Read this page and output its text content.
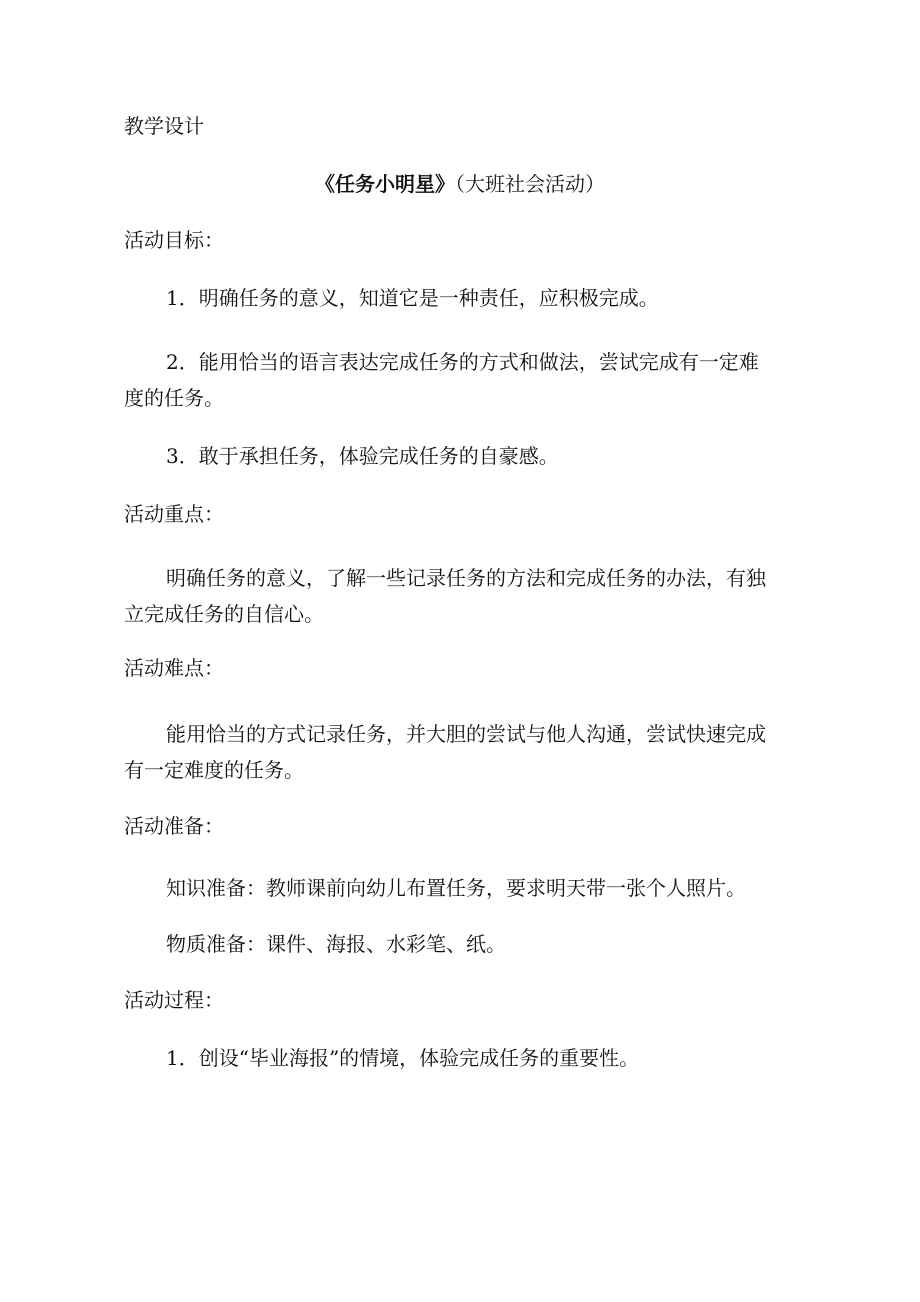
教学设计
《任务小明星》（大班社会活动）
活动目标：
1．明确任务的意义，知道它是一种责任，应积极完成。
2．能用恰当的语言表达完成任务的方式和做法，尝试完成有一定难度的任务。
3．敢于承担任务，体验完成任务的自豪感。
活动重点：
明确任务的意义，了解一些记录任务的方法和完成任务的办法，有独立完成任务的自信心。
活动难点：
能用恰当的方式记录任务，并大胆的尝试与他人沟通，尝试快速完成有一定难度的任务。
活动准备：
知识准备：教师课前向幼儿布置任务，要求明天带一张个人照片。
物质准备：课件、海报、水彩笔、纸。
活动过程：
1．创设“毕业海报”的情境，体验完成任务的重要性。
